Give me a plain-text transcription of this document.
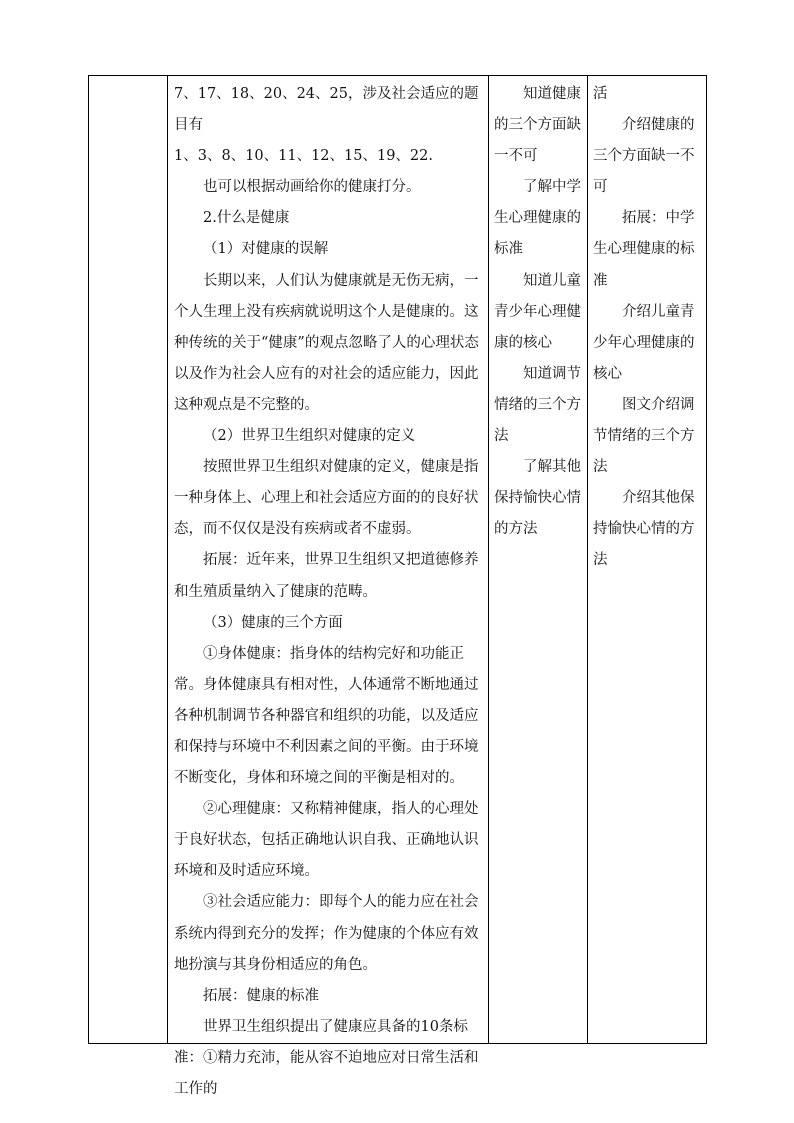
7、17、18、20、24、25，涉及社会适应的题目有

1、3、8、10、11、12、15、19、22.

也可以根据动画给你的健康打分。

2.什么是健康

（1）对健康的误解

长期以来，人们认为健康就是无伤无病，一个人生理上没有疾病就说明这个人是健康的。这种传统的关于“健康”的观点忽略了人的心理状态以及作为社会人应有的对社会的适应能力，因此这种观点是不完整的。

（2）世界卫生组织对健康的定义

按照世界卫生组织对健康的定义，健康是指一种身体上、心理上和社会适应方面的的良好状态，而不仅仅是没有疾病或者不虚弱。

拓展：近年来，世界卫生组织又把道德修养和生殖质量纳入了健康的范畴。

（3）健康的三个方面

①身体健康：指身体的结构完好和功能正常。身体健康具有相对性，人体通常不断地通过各种机制调节各种器官和组织的功能，以及适应和保持与环境中不利因素之间的平衡。由于环境不断变化，身体和环境之间的平衡是相对的。

②心理健康：又称精神健康，指人的心理处于良好状态，包括正确地认识自我、正确地认识环境和及时适应环境。

③社会适应能力：即每个人的能力应在社会系统内得到充分的发挥；作为健康的个体应有效地扮演与其身份相适应的角色。

拓展：健康的标准

世界卫生组织提出了健康应具备的10条标准：①精力充沛，能从容不迫地应对日常生活和工作的

知道健康的三个方面缺一不可

了解中学生心理健康的标准

知道儿童青少年心理健康的核心

知道调节情绪的三个方法

了解其他保持愉快心情的方法

活

介绍健康的三个方面缺一不可

拓展：中学生心理健康的标准

介绍儿童青少年心理健康的核心

图文介绍调节情绪的三个方法

介绍其他保持愉快心情的方法
